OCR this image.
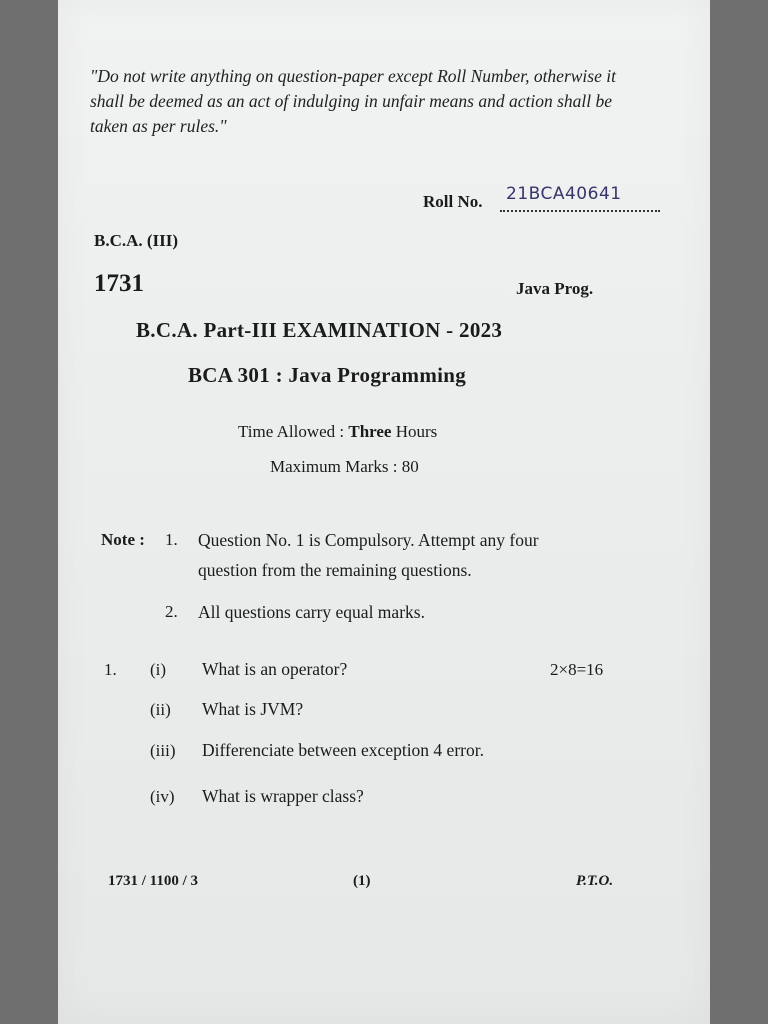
"Do not write anything on question-paper except Roll Number, otherwise it shall be deemed as an act of indulging in unfair means and action shall be taken as per rules."
Roll No. 21BCA40641
B.C.A. (III)
1731	Java Prog.
B.C.A. Part-III EXAMINATION - 2023
BCA 301 : Java Programming
Time Allowed : Three Hours
Maximum Marks : 80
Note : 1. Question No. 1 is Compulsory. Attempt any four
question from the remaining questions.
2. All questions carry equal marks.
1.	2×8=16
(i) What is an operator?
(ii) What is JVM?
(iii) Differenciate between exception 4 error.
(iv) What is wrapper class?
1731 / 1100 / 3	(1)	P.T.O.
